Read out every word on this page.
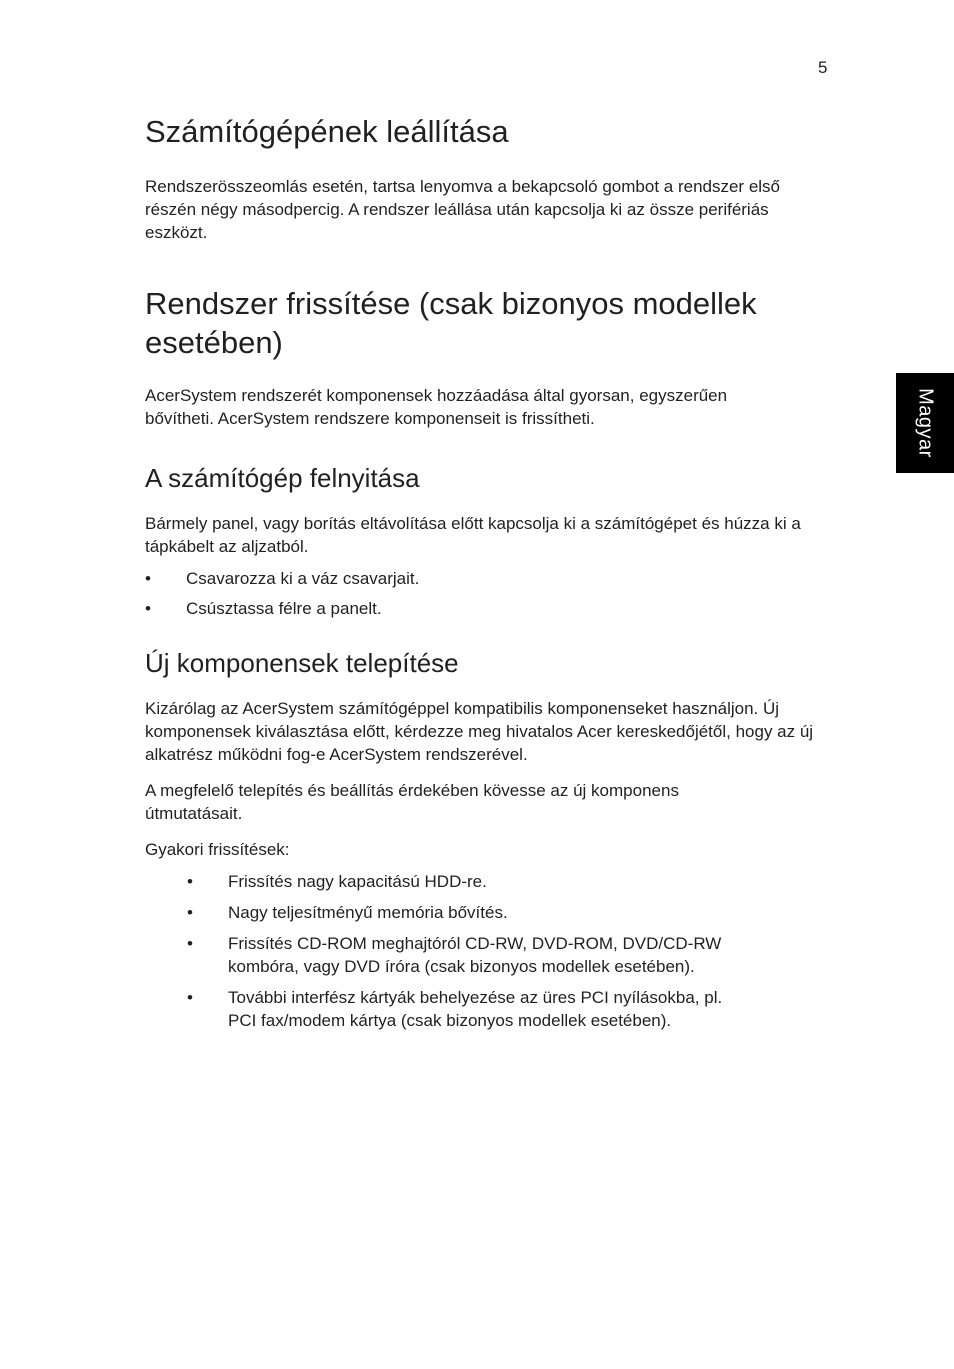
5
Magyar
Számítógépének leállítása

Rendszerösszeomlás esetén, tartsa lenyomva a bekapcsoló gombot a rendszer első részén négy másodpercig. A rendszer leállása után kapcsolja ki az össze perifériás eszközt.

Rendszer frissítése (csak bizonyos modellek
esetében)

AcerSystem rendszerét komponensek hozzáadása által gyorsan, egyszerűen bővítheti. AcerSystem rendszere komponenseit is frissítheti.

A számítógép felnyitása

Bármely panel, vagy borítás eltávolítása előtt kapcsolja ki a számítógépet és húzza ki a tápkábelt az aljzatból.

• Csavarozza ki a váz csavarjait.
• Csúsztassa félre a panelt.
Új komponensek telepítése

Kizárólag az AcerSystem számítógéppel kompatibilis komponenseket használjon. Új komponensek kiválasztása előtt, kérdezze meg hivatalos Acer kereskedőjétől, hogy az új alkatrész működni fog-e AcerSystem rendszerével.

A megfelelő telepítés és beállítás érdekében kövesse az új komponens útmutatásait.

Gyakori frissítések:

• Frissítés nagy kapacitású HDD-re.
• Nagy teljesítményű memória bővítés.
• Frissítés CD-ROM meghajtóról CD-RW, DVD-ROM, DVD/CD-RW kombóra, vagy DVD íróra (csak bizonyos modellek esetében).
• További interfész kártyák behelyezése az üres PCI nyílásokba, pl. PCI fax/modem kártya (csak bizonyos modellek esetében).
